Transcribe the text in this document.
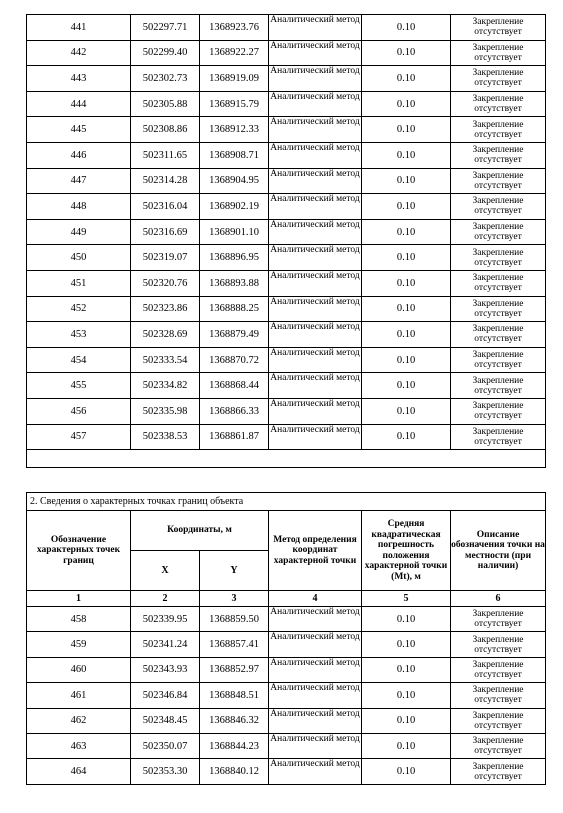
441	502297.71	1368923.76	Аналитический метод	0.10	Закрепление отсутствует
442	502299.40	1368922.27	Аналитический метод	0.10	Закрепление отсутствует
443	502302.73	1368919.09	Аналитический метод	0.10	Закрепление отсутствует
444	502305.88	1368915.79	Аналитический метод	0.10	Закрепление отсутствует
445	502308.86	1368912.33	Аналитический метод	0.10	Закрепление отсутствует
446	502311.65	1368908.71	Аналитический метод	0.10	Закрепление отсутствует
447	502314.28	1368904.95	Аналитический метод	0.10	Закрепление отсутствует
448	502316.04	1368902.19	Аналитический метод	0.10	Закрепление отсутствует
449	502316.69	1368901.10	Аналитический метод	0.10	Закрепление отсутствует
450	502319.07	1368896.95	Аналитический метод	0.10	Закрепление отсутствует
451	502320.76	1368893.88	Аналитический метод	0.10	Закрепление отсутствует
452	502323.86	1368888.25	Аналитический метод	0.10	Закрепление отсутствует
453	502328.69	1368879.49	Аналитический метод	0.10	Закрепление отсутствует
454	502333.54	1368870.72	Аналитический метод	0.10	Закрепление отсутствует
455	502334.82	1368868.44	Аналитический метод	0.10	Закрепление отсутствует
456	502335.98	1368866.33	Аналитический метод	0.10	Закрепление отсутствует
457	502338.53	1368861.87	Аналитический метод	0.10	Закрепление отсутствует

2. Сведения о характерных точках границ объекта					
Обозначение характерных точек границ	Координаты, м		Метод определения координат характерной точки	Средняя квадратическая погрешность положения характерной точки (Mt), м	Описание обозначения точки на местности (при наличии)
	X	Y			
1	2	3	4	5	6
458	502339.95	1368859.50	Аналитический метод	0.10	Закрепление отсутствует
459	502341.24	1368857.41	Аналитический метод	0.10	Закрепление отсутствует
460	502343.93	1368852.97	Аналитический метод	0.10	Закрепление отсутствует
461	502346.84	1368848.51	Аналитический метод	0.10	Закрепление отсутствует
462	502348.45	1368846.32	Аналитический метод	0.10	Закрепление отсутствует
463	502350.07	1368844.23	Аналитический метод	0.10	Закрепление отсутствует
464	502353.30	1368840.12	Аналитический метод	0.10	Закрепление отсутствует
